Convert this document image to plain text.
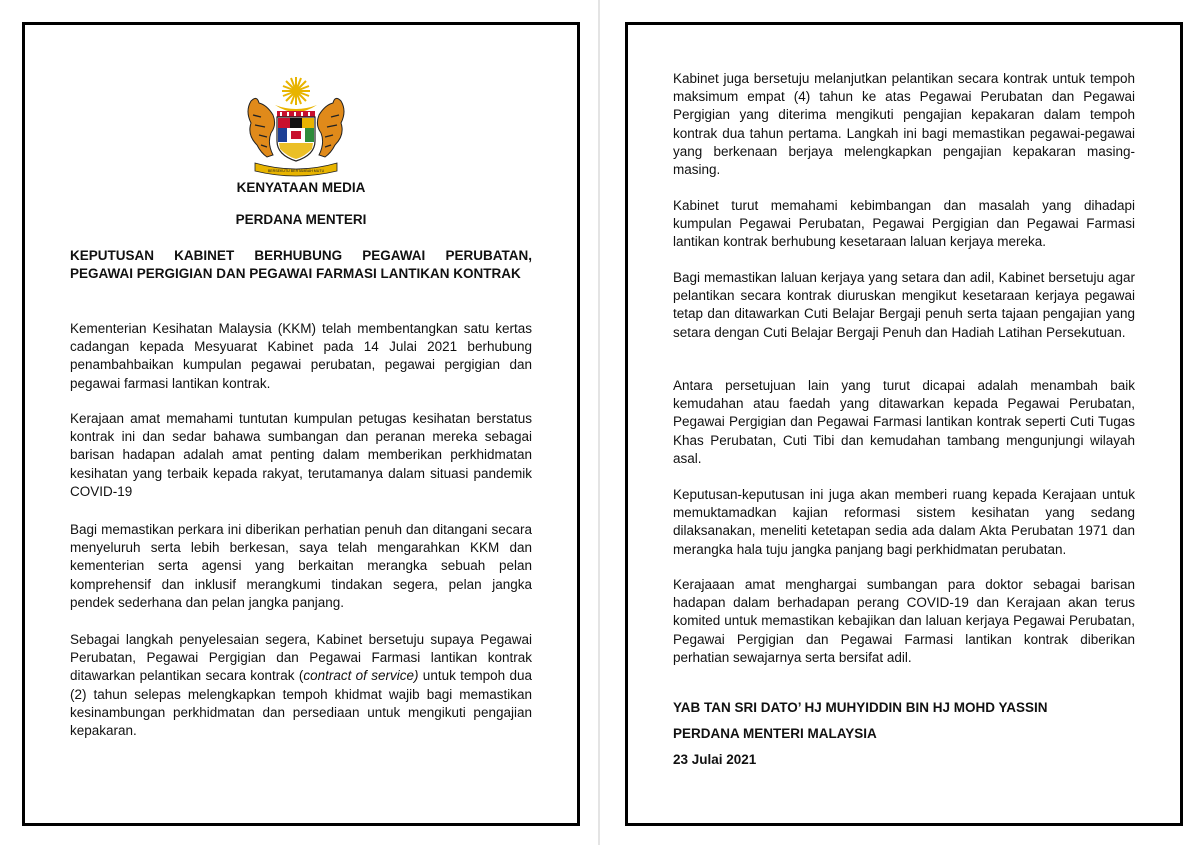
BERSEKUTU BERTAMBAH MUTU
KENYATAAN MEDIA
PERDANA MENTERI
KEPUTUSAN KABINET BERHUBUNG PEGAWAI PERUBATAN, PEGAWAI PERGIGIAN DAN PEGAWAI FARMASI LANTIKAN KONTRAK
Kementerian Kesihatan Malaysia (KKM) telah membentangkan satu kertas cadangan kepada Mesyuarat Kabinet pada 14 Julai 2021 berhubung penambahbaikan kumpulan pegawai perubatan, pegawai pergigian dan pegawai farmasi lantikan kontrak.
Kerajaan amat memahami tuntutan kumpulan petugas kesihatan berstatus kontrak ini dan sedar bahawa sumbangan dan peranan mereka sebagai barisan hadapan adalah amat penting dalam memberikan perkhidmatan kesihatan yang terbaik kepada rakyat, terutamanya dalam situasi pandemik COVID-19
Bagi memastikan perkara ini diberikan perhatian penuh dan ditangani secara menyeluruh serta lebih berkesan, saya telah mengarahkan KKM dan kementerian serta agensi yang berkaitan merangka sebuah pelan komprehensif dan inklusif merangkumi tindakan segera, pelan jangka pendek sederhana dan pelan jangka panjang.
Sebagai langkah penyelesaian segera, Kabinet bersetuju supaya Pegawai Perubatan, Pegawai Pergigian dan Pegawai Farmasi lantikan kontrak ditawarkan pelantikan secara kontrak (contract of service) untuk tempoh dua (2) tahun selepas melengkapkan tempoh khidmat wajib bagi memastikan kesinambungan perkhidmatan dan persediaan untuk mengikuti pengajian kepakaran.
Kabinet juga bersetuju melanjutkan pelantikan secara kontrak untuk tempoh maksimum empat (4) tahun ke atas Pegawai Perubatan dan Pegawai Pergigian yang diterima mengikuti pengajian kepakaran dalam tempoh kontrak dua tahun pertama. Langkah ini bagi memastikan pegawai-pegawai yang berkenaan berjaya melengkapkan pengajian kepakaran masing-masing.
Kabinet turut memahami kebimbangan dan masalah yang dihadapi kumpulan Pegawai Perubatan, Pegawai Pergigian dan Pegawai Farmasi lantikan kontrak berhubung kesetaraan laluan kerjaya mereka.
Bagi memastikan laluan kerjaya yang setara dan adil, Kabinet bersetuju agar pelantikan secara kontrak diuruskan mengikut kesetaraan kerjaya pegawai tetap dan ditawarkan Cuti Belajar Bergaji penuh serta tajaan pengajian yang setara dengan Cuti Belajar Bergaji Penuh dan Hadiah Latihan Persekutuan.
Antara persetujuan lain yang turut dicapai adalah menambah baik kemudahan atau faedah yang ditawarkan kepada Pegawai Perubatan, Pegawai Pergigian dan Pegawai Farmasi lantikan kontrak seperti Cuti Tugas Khas Perubatan, Cuti Tibi dan kemudahan tambang mengunjungi wilayah asal.
Keputusan-keputusan ini juga akan memberi ruang kepada Kerajaan untuk memuktamadkan kajian reformasi sistem kesihatan yang sedang dilaksanakan, meneliti ketetapan sedia ada dalam Akta Perubatan 1971 dan merangka hala tuju jangka panjang bagi perkhidmatan perubatan.
Kerajaaan amat menghargai sumbangan para doktor sebagai barisan hadapan dalam berhadapan perang COVID-19 dan Kerajaan akan terus komited untuk memastikan kebajikan dan laluan kerjaya Pegawai Perubatan, Pegawai Pergigian dan Pegawai Farmasi lantikan kontrak diberikan perhatian sewajarnya serta bersifat adil.
YAB TAN SRI DATO’ HJ MUHYIDDIN BIN HJ MOHD YASSIN
PERDANA MENTERI MALAYSIA
23 Julai 2021
